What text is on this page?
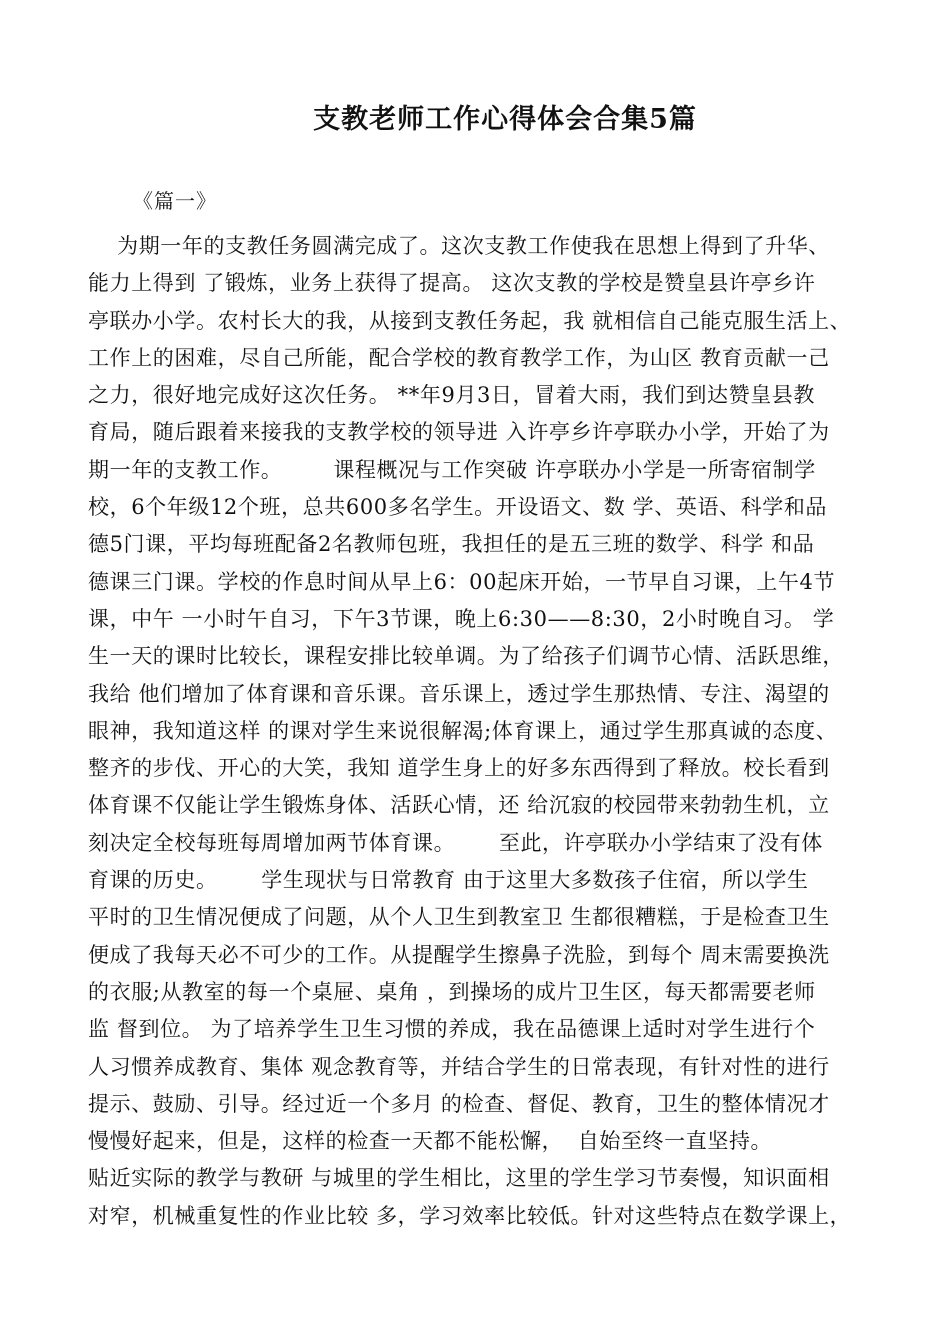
支教老师工作心得体会合集5篇
《篇一》
为期一年的支教任务圆满完成了。这次支教工作使我在思想上得到了升华、
能力上得到 了锻炼，业务上获得了提高。 这次支教的学校是赞皇县许亭乡许
亭联办小学。农村长大的我，从接到支教任务起，我 就相信自己能克服生活上、
工作上的困难，尽自己所能，配合学校的教育教学工作，为山区 教育贡献一己
之力，很好地完成好这次任务。 **年9月3日，冒着大雨，我们到达赞皇县教
育局，随后跟着来接我的支教学校的领导进 入许亭乡许亭联办小学，开始了为
期一年的支教工作。       课程概况与工作突破 许亭联办小学是一所寄宿制学
校，6个年级12个班，总共600多名学生。开设语文、数 学、英语、科学和品
德5门课，平均每班配备2名教师包班，我担任的是五三班的数学、科学 和品
德课三门课。学校的作息时间从早上6：00起床开始，一节早自习课，上午4节
课，中午 一小时午自习，下午3节课，晚上6:30——8:30，2小时晚自习。 学
生一天的课时比较长，课程安排比较单调。为了给孩子们调节心情、活跃思维，
我给 他们增加了体育课和音乐课。音乐课上，透过学生那热情、专注、渴望的
眼神，我知道这样 的课对学生来说很解渴;体育课上，通过学生那真诚的态度、
整齐的步伐、开心的大笑，我知 道学生身上的好多东西得到了释放。校长看到
体育课不仅能让学生锻炼身体、活跃心情，还 给沉寂的校园带来勃勃生机，立
刻决定全校每班每周增加两节体育课。      至此，许亭联办小学结束了没有体
育课的历史。      学生现状与日常教育 由于这里大多数孩子住宿，所以学生
平时的卫生情况便成了问题，从个人卫生到教室卫 生都很糟糕，于是检查卫生
便成了我每天必不可少的工作。从提醒学生擦鼻子洗脸，到每个 周末需要换洗
的衣服;从教室的每一个桌屉、桌角 ，到操场的成片卫生区，每天都需要老师
监 督到位。 为了培养学生卫生习惯的养成，我在品德课上适时对学生进行个
人习惯养成教育、集体 观念教育等，并结合学生的日常表现，有针对性的进行
提示、鼓励、引导。经过近一个多月 的检查、督促、教育，卫生的整体情况才
慢慢好起来，但是，这样的检查一天都不能松懈，  自始至终一直坚持。
贴近实际的教学与教研 与城里的学生相比，这里的学生学习节奏慢，知识面相
对窄，机械重复性的作业比较 多，学习效率比较低。针对这些特点在数学课上，
